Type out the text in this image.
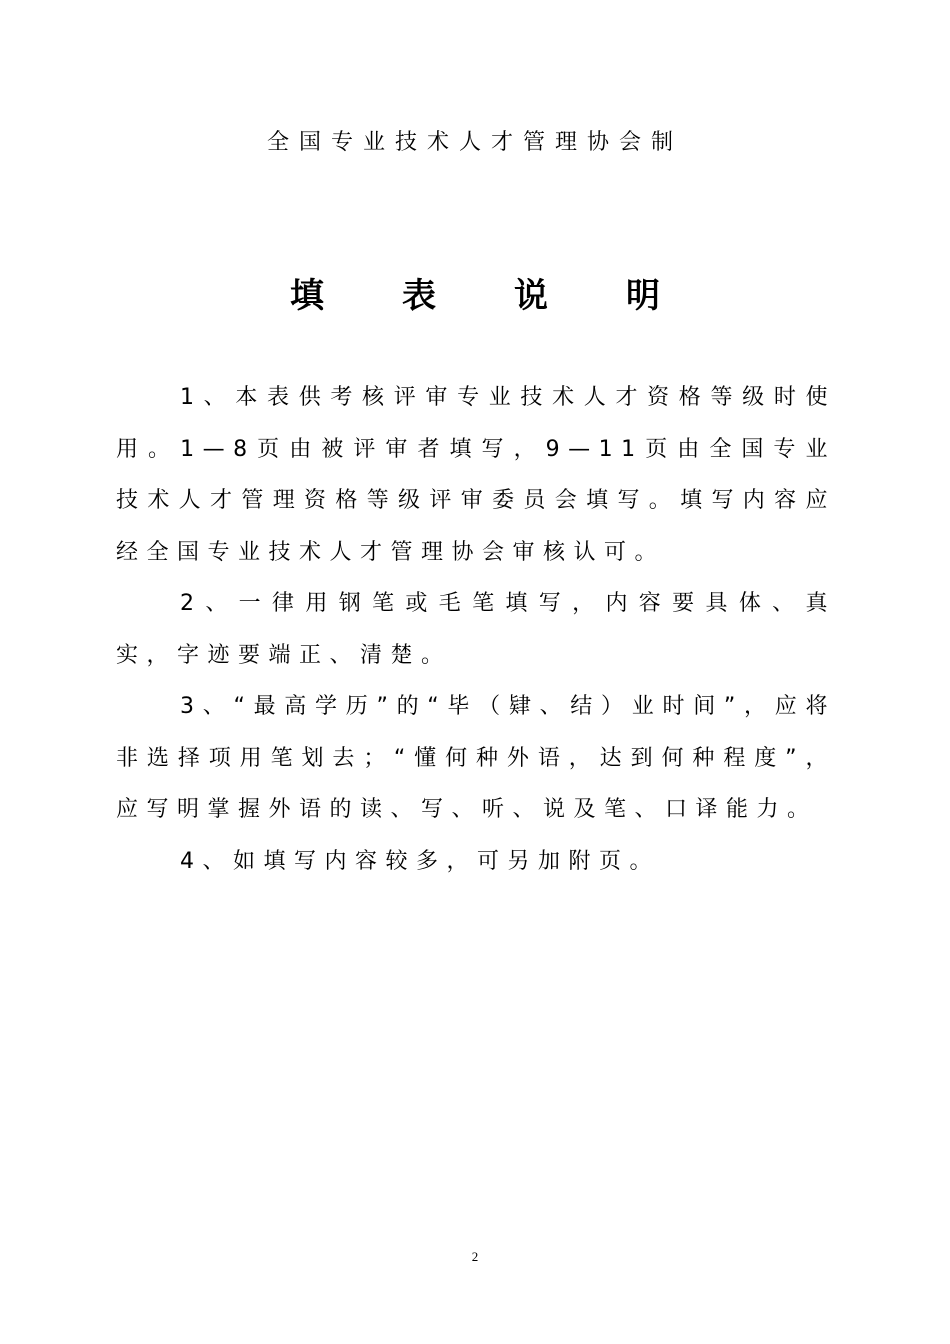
全国专业技术人才管理协会制
填表说明

1、本表供考核评审专业技术人才资格等级时使用。1—8页由被评审者填写，9—11页由全国专业技术人才管理资格等级评审委员会填写。填写内容应经全国专业技术人才管理协会审核认可。

2、一律用钢笔或毛笔填写，内容要具体、真实，字迹要端正、清楚。

3、“最高学历”的“毕（肄、结）业时间”，应将非选择项用笔划去；“懂何种外语，达到何种程度”，应写明掌握外语的读、写、听、说及笔、口译能力。

4、如填写内容较多，可另加附页。

2
